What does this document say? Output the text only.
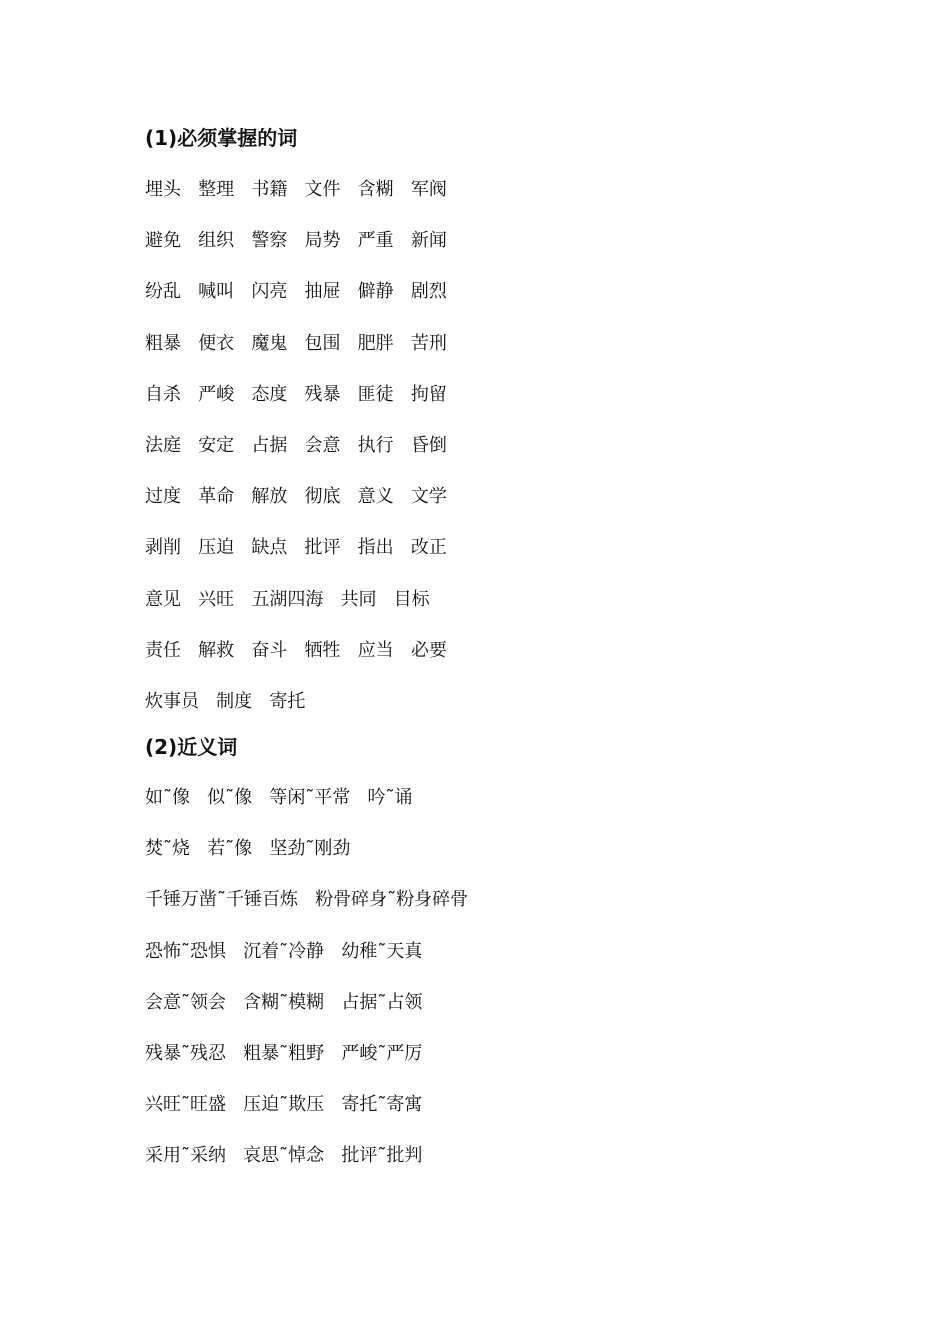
(1)必须掌握的词

埋头   整理   书籍   文件   含糊   军阀

避免   组织   警察   局势   严重   新闻

纷乱   喊叫   闪亮   抽屉   僻静   剧烈

粗暴   便衣   魔鬼   包围   肥胖   苦刑

自杀   严峻   态度   残暴   匪徒   拘留

法庭   安定   占据   会意   执行   昏倒

过度   革命   解放   彻底   意义   文学

剥削   压迫   缺点   批评   指出   改正

意见   兴旺   五湖四海   共同   目标

责任   解救   奋斗   牺牲   应当   必要

炊事员   制度   寄托

(2)近义词

如˜像   似˜像   等闲˜平常   吟˜诵

焚˜烧   若˜像   坚劲˜刚劲

千锤万凿˜千锤百炼   粉骨碎身˜粉身碎骨

恐怖˜恐惧   沉着˜冷静   幼稚˜天真

会意˜领会   含糊˜模糊   占据˜占领

残暴˜残忍   粗暴˜粗野   严峻˜严厉

兴旺˜旺盛   压迫˜欺压   寄托˜寄寓

采用˜采纳   哀思˜悼念   批评˜批判
